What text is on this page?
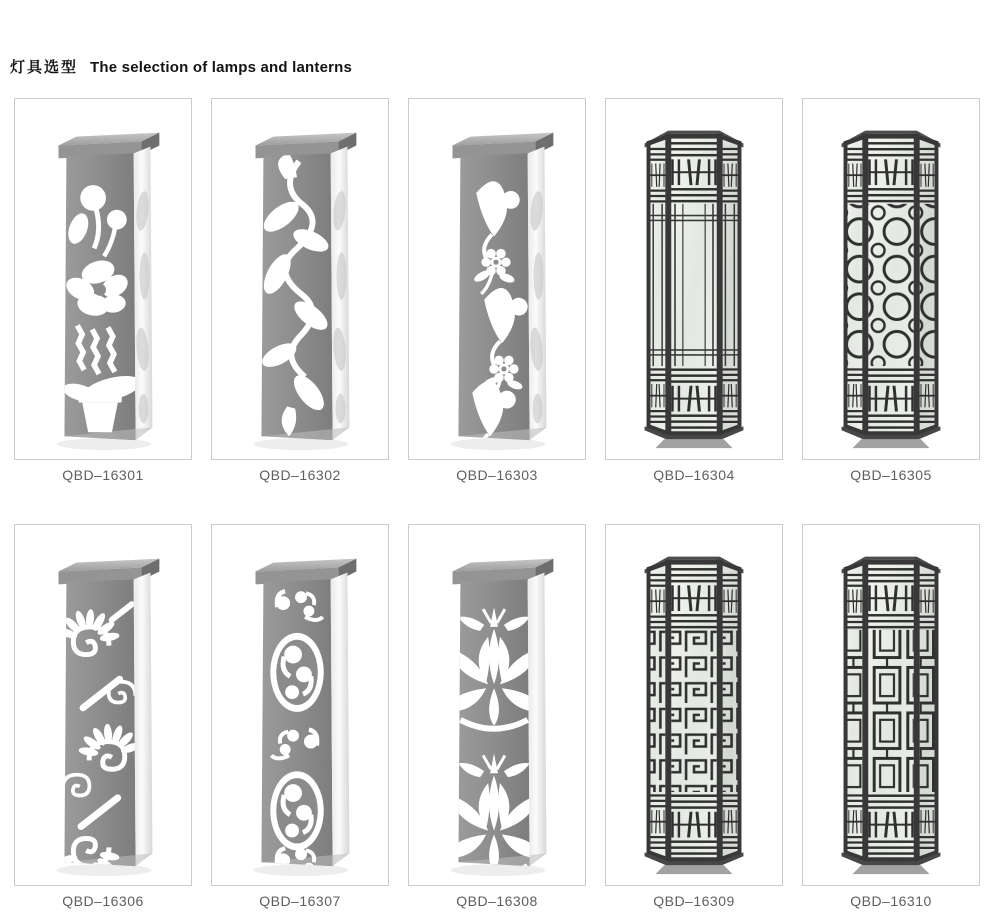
灯具选型 The selection of lamps and lanterns
QBD–16301	QBD–16302	QBD–16303	QBD–16304	QBD–16305
QBD–16306	QBD–16307	QBD–16308	QBD–16309	QBD–16310
